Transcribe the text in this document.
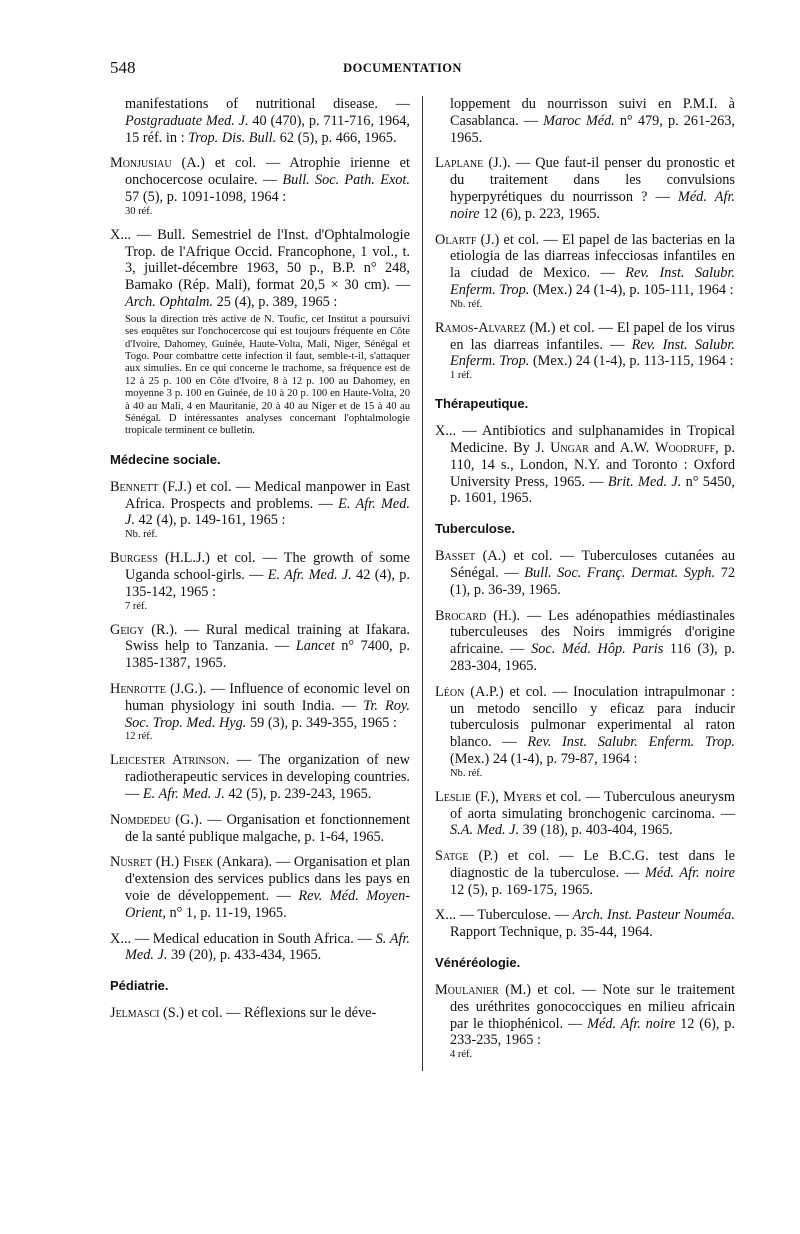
548	DOCUMENTATION
manifestations of nutritional disease. — Postgraduate Med. J. 40 (470), p. 711-716, 1964, 15 réf. in : Trop. Dis. Bull. 62 (5), p. 466, 1965.
Monjusiau (A.) et col. — Atrophie irienne et onchocercose oculaire. — Bull. Soc. Path. Exot. 57 (5), p. 1091-1098, 1964 :
30 réf.
X... — Bull. Semestriel de l'Inst. d'Ophtalmologie Trop. de l'Afrique Occid. Francophone, 1 vol., t. 3, juillet-décembre 1963, 50 p., B.P. n° 248, Bamako (Rép. Mali), format 20,5 × 30 cm). — Arch. Ophtalm. 25 (4), p. 389, 1965 :
Sous la direction très active de N. Toufic, cet Institut a poursuivi ses enquêtes sur l'onchocercose qui est toujours fréquente en Côte d'Ivoire, Dahomey, Guinée, Haute-Volta, Mali, Niger, Sénégal et Togo. Pour combattre cette infection il faut, semble-t-il, s'attaquer aux simulies. En ce qui concerne le trachome, sa fréquence est de 12 à 25 p. 100 en Côte d'Ivoire, 8 à 12 p. 100 au Dahomey, en moyenne 3 p. 100 en Guinée, de 10 à 20 p. 100 en Haute-Volta, 20 à 40 au Mali, 4 en Mauritanie, 20 à 40 au Niger et de 15 à 40 au Sénégal. D intéressantes analyses concernant l'ophtalmologie tropicale terminent ce bulletin.
Médecine sociale.
Bennett (F.J.) et col. — Medical manpower in East Africa. Prospects and problems. — E. Afr. Med. J. 42 (4), p. 149-161, 1965 :
Nb. réf.
Burgess (H.L.J.) et col. — The growth of some Uganda school-girls. — E. Afr. Med. J. 42 (4), p. 135-142, 1965 :
7 réf.
Geigy (R.). — Rural medical training at Ifakara. Swiss help to Tanzania. — Lancet n° 7400, p. 1385-1387, 1965.
Henrotte (J.G.). — Influence of economic level on human physiology ini south India. — Tr. Roy. Soc. Trop. Med. Hyg. 59 (3), p. 349-355, 1965 :
12 réf.
Leicester Atrinson. — The organization of new radiotherapeutic services in developing countries. — E. Afr. Med. J. 42 (5), p. 239-243, 1965.
Nomdedeu (G.). — Organisation et fonctionnement de la santé publique malgache, p. 1-64, 1965.
Nusret (H.) Fisek (Ankara). — Organisation et plan d'extension des services publics dans les pays en voie de développement. — Rev. Méd. Moyen-Orient, n° 1, p. 11-19, 1965.
X... — Medical education in South Africa. — S. Afr. Med. J. 39 (20), p. 433-434, 1965.
Pédiatrie.
Jelmasci (S.) et col. — Réflexions sur le déve-
loppement du nourrisson suivi en P.M.I. à Casablanca. — Maroc Méd. n° 479, p. 261-263, 1965.
Laplane (J.). — Que faut-il penser du pronostic et du traitement dans les convulsions hyperpyrétiques du nourrisson ? — Méd. Afr. noire 12 (6), p. 223, 1965.
Olartf (J.) et col. — El papel de las bacterias en la etiologia de las diarreas infecciosas infantiles en la ciudad de Mexico. — Rev. Inst. Salubr. Enferm. Trop. (Mex.) 24 (1-4), p. 105-111, 1964 :
Nb. réf.
Ramos-Alvarez (M.) et col. — El papel de los virus en las diarreas infantiles. — Rev. Inst. Salubr. Enferm. Trop. (Mex.) 24 (1-4), p. 113-115, 1964 :
1 réf.
Thérapeutique.
X... — Antibiotics and sulphanamides in Tropical Medicine. By J. Ungar and A.W. Woodruff, p. 110, 14 s., London, N.Y. and Toronto : Oxford University Press, 1965. — Brit. Med. J. n° 5450, p. 1601, 1965.
Tuberculose.
Basset (A.) et col. — Tuberculoses cutanées au Sénégal. — Bull. Soc. Franç. Dermat. Syph. 72 (1), p. 36-39, 1965.
Brocard (H.). — Les adénopathies médiastinales tuberculeuses des Noirs immigrés d'origine africaine. — Soc. Méd. Hôp. Paris 116 (3), p. 283-304, 1965.
Léon (A.P.) et col. — Inoculation intrapulmonar : un metodo sencillo y eficaz para inducir tuberculosis pulmonar experimental al raton blanco. — Rev. Inst. Salubr. Enferm. Trop. (Mex.) 24 (1-4), p. 79-87, 1964 :
Nb. réf.
Leslie (F.), Myers et col. — Tuberculous aneurysm of aorta simulating bronchogenic carcinoma. — S.A. Med. J. 39 (18), p. 403-404, 1965.
Satge (P.) et col. — Le B.C.G. test dans le diagnostic de la tuberculose. — Méd. Afr. noire 12 (5), p. 169-175, 1965.
X... — Tuberculose. — Arch. Inst. Pasteur Nouméa. Rapport Technique, p. 35-44, 1964.
Vénéréologie.
Moulanier (M.) et col. — Note sur le traitement des uréthrites gonococciques en milieu africain par le thiophénicol. — Méd. Afr. noire 12 (6), p. 233-235, 1965 :
4 réf.
